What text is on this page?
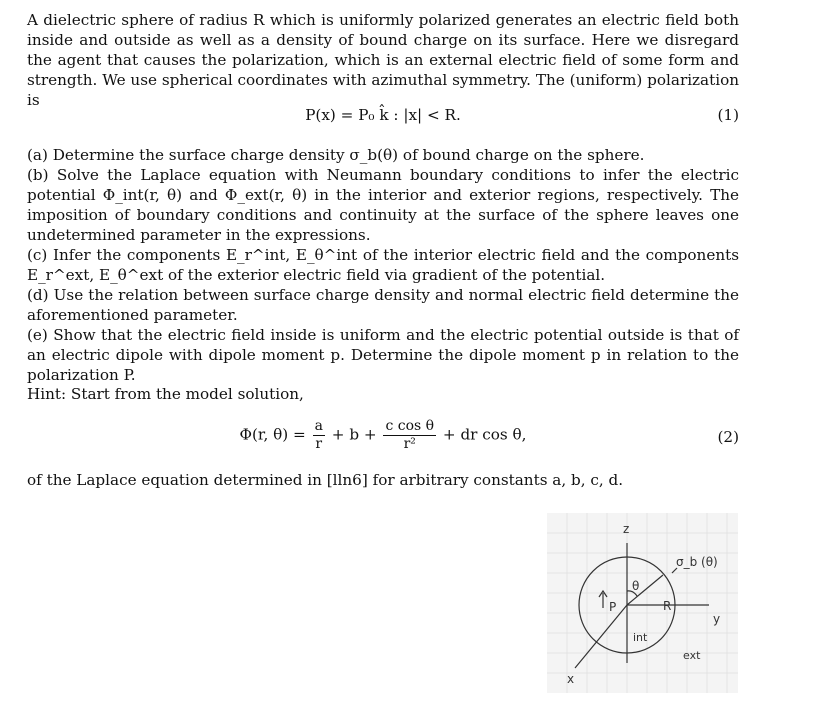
A dielectric sphere of radius R which is uniformly polarized generates an electric field both inside and outside as well as a density of bound charge on its surface. Here we disregard the agent that causes the polarization, which is an external electric field of some form and strength. We use spherical coordinates with azimuthal symmetry. The (uniform) polarization is
P(x) = P₀ k̂ : |x| < R.	(1)
(a) Determine the surface charge density σ_b(θ) of bound charge on the sphere.
(b) Solve the Laplace equation with Neumann boundary conditions to infer the electric potential Φ_int(r, θ) and Φ_ext(r, θ) in the interior and exterior regions, respectively. The imposition of boundary conditions and continuity at the surface of the sphere leaves one undetermined parameter in the expressions.
(c) Infer the components E_r^int, E_θ^int of the interior electric field and the components E_r^ext, E_θ^ext of the exterior electric field via gradient of the potential.
(d) Use the relation between surface charge density and normal electric field determine the aforementioned parameter.
(e) Show that the electric field inside is uniform and the electric potential outside is that of an electric dipole with dipole moment p. Determine the dipole moment p in relation to the polarization P.
Hint: Start from the model solution,
Φ(r, $\theta) = \frac{a}{r} + b + \frac{\text{c cos θ}}{\text{r²}}$ + dr cos θ,	(2)
of the Laplace equation determined in [lln6] for arbitrary constants a, b, c, d.
z
y
x
P
θ
R
σ_b (θ)
int
ext
